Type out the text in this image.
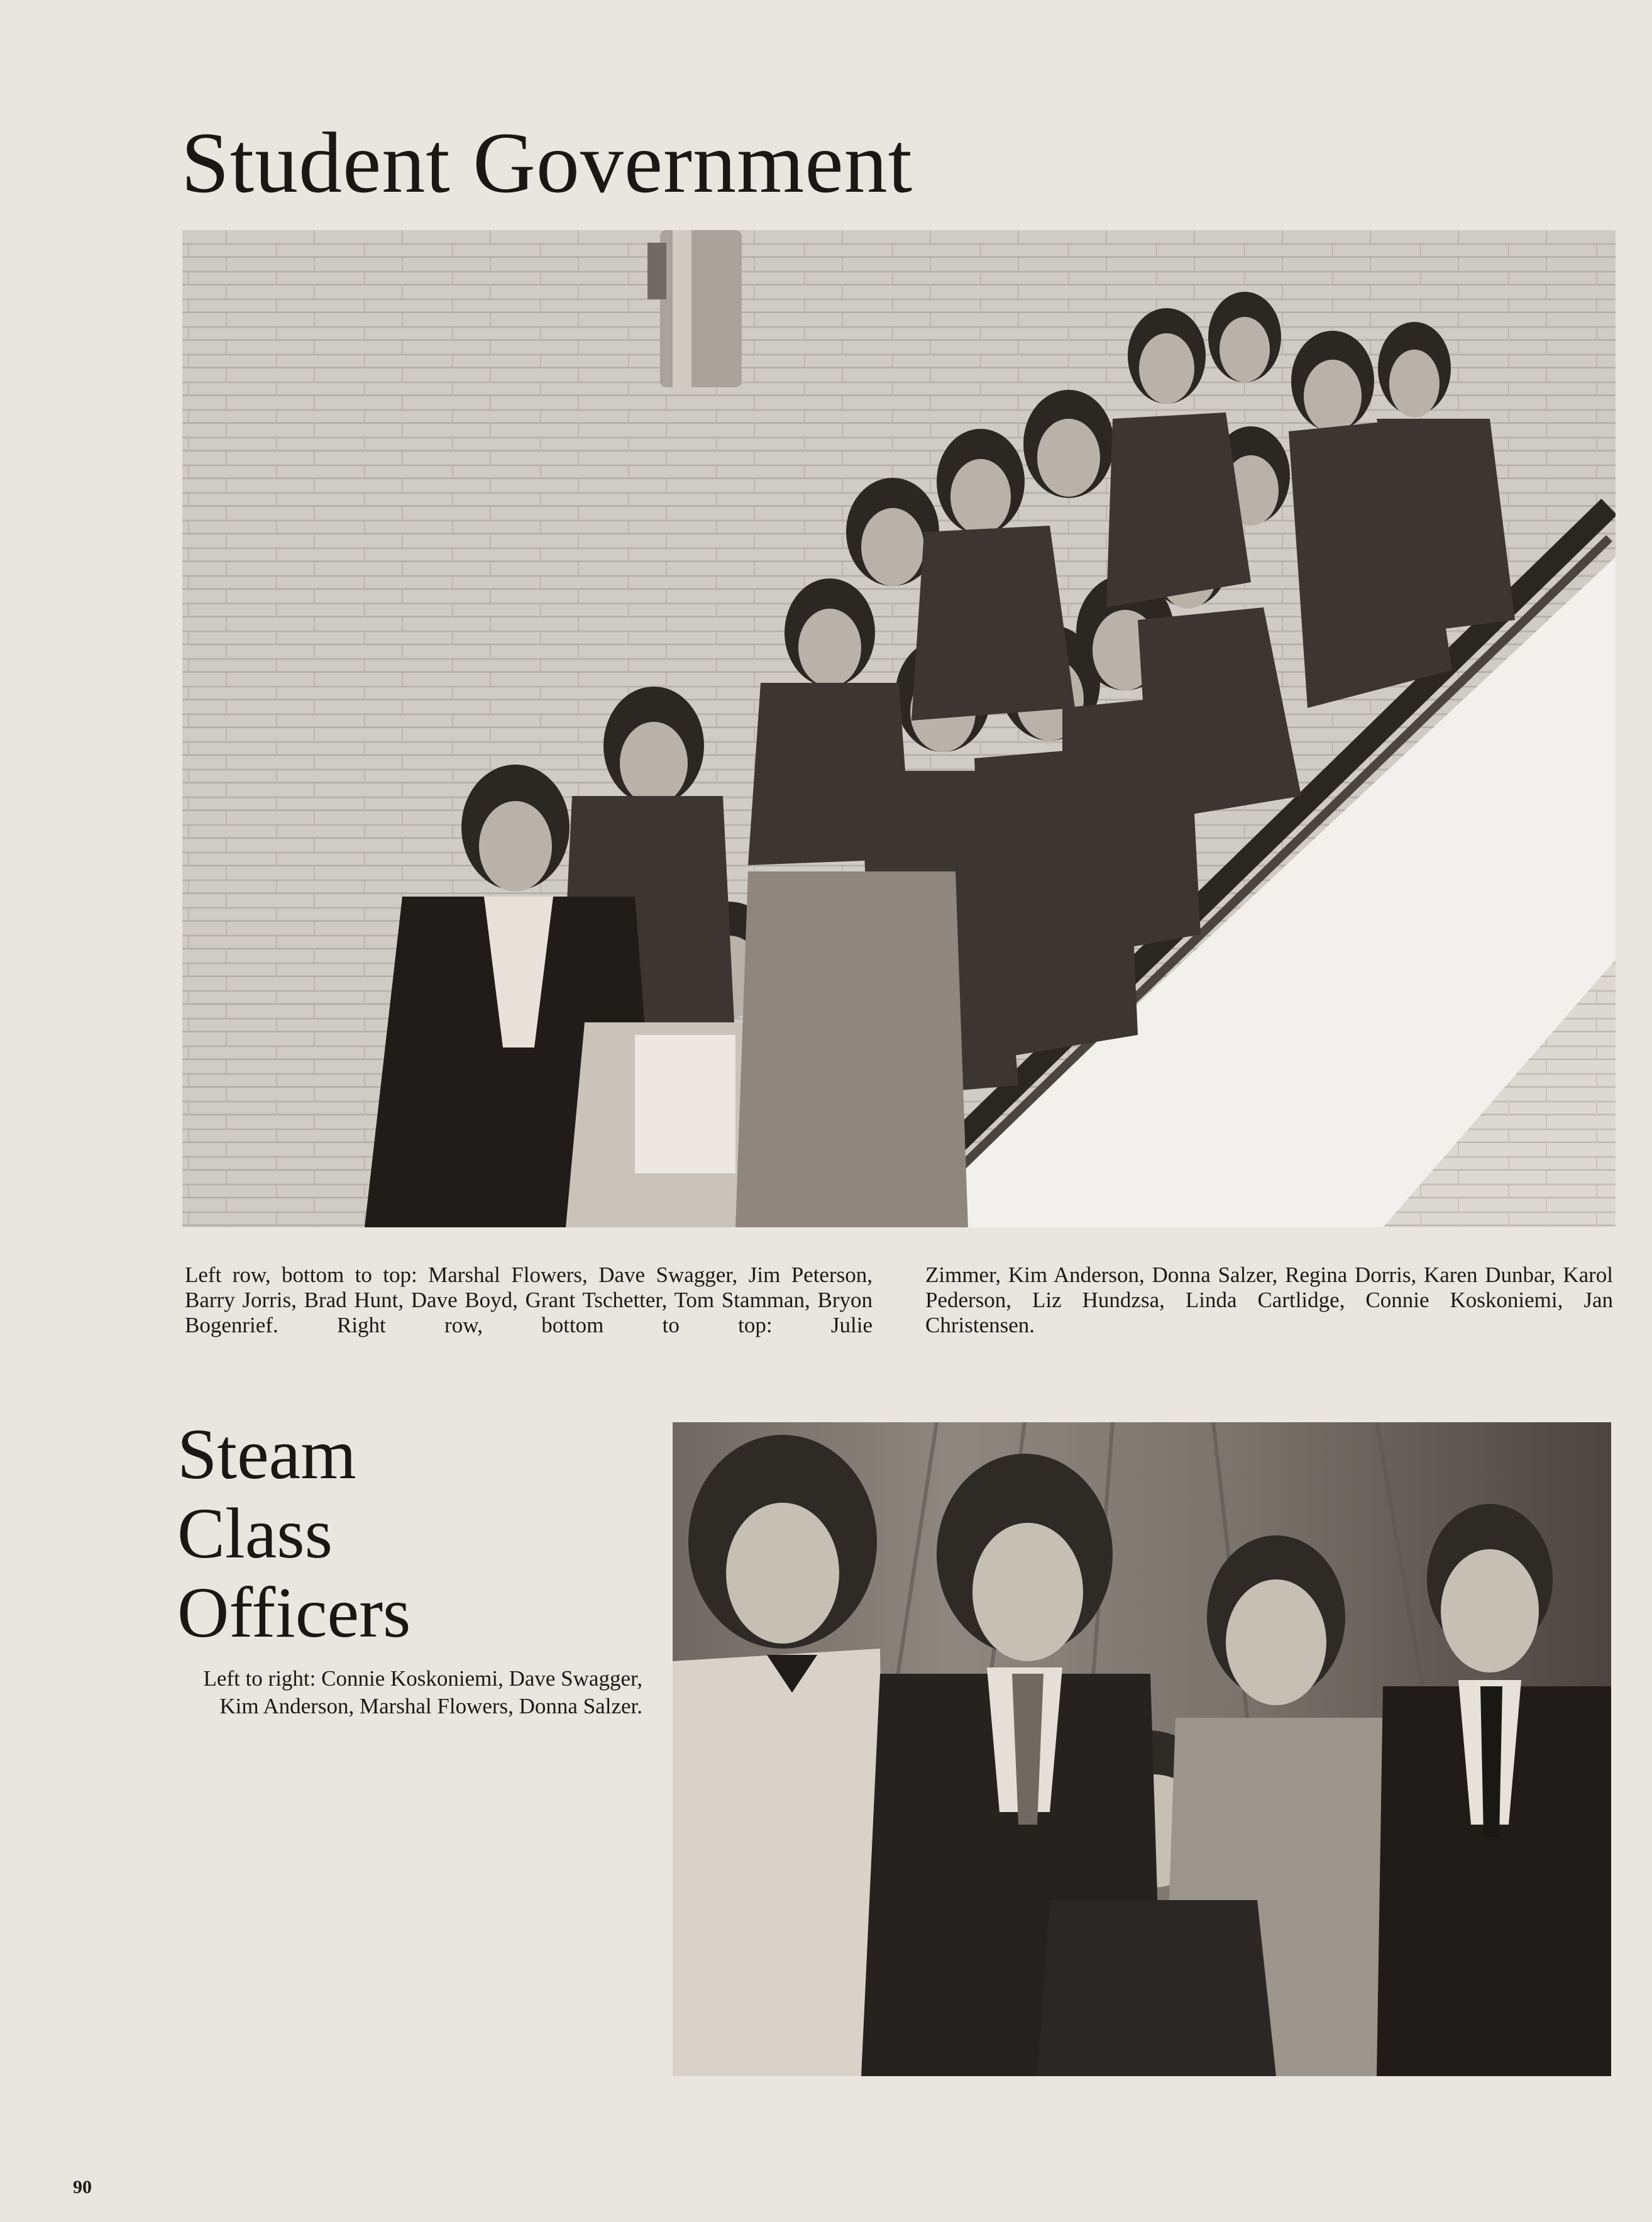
Student Government
Left row, bottom to top: Marshal Flowers, Dave Swagger, Jim Peterson, Barry Jorris, Brad Hunt, Dave Boyd, Grant Tschetter, Tom Stamman, Bryon Bogenrief. Right row, bottom to top: Julie
Zimmer, Kim Anderson, Donna Salzer, Regina Dorris, Karen Dunbar, Karol Pederson, Liz Hundzsa, Linda Cartlidge, Connie Koskoniemi, Jan Christensen.
Steam
Class
Officers
Left to right: Connie Koskoniemi, Dave Swagger, Kim Anderson, Marshal Flowers, Donna Salzer.
90
